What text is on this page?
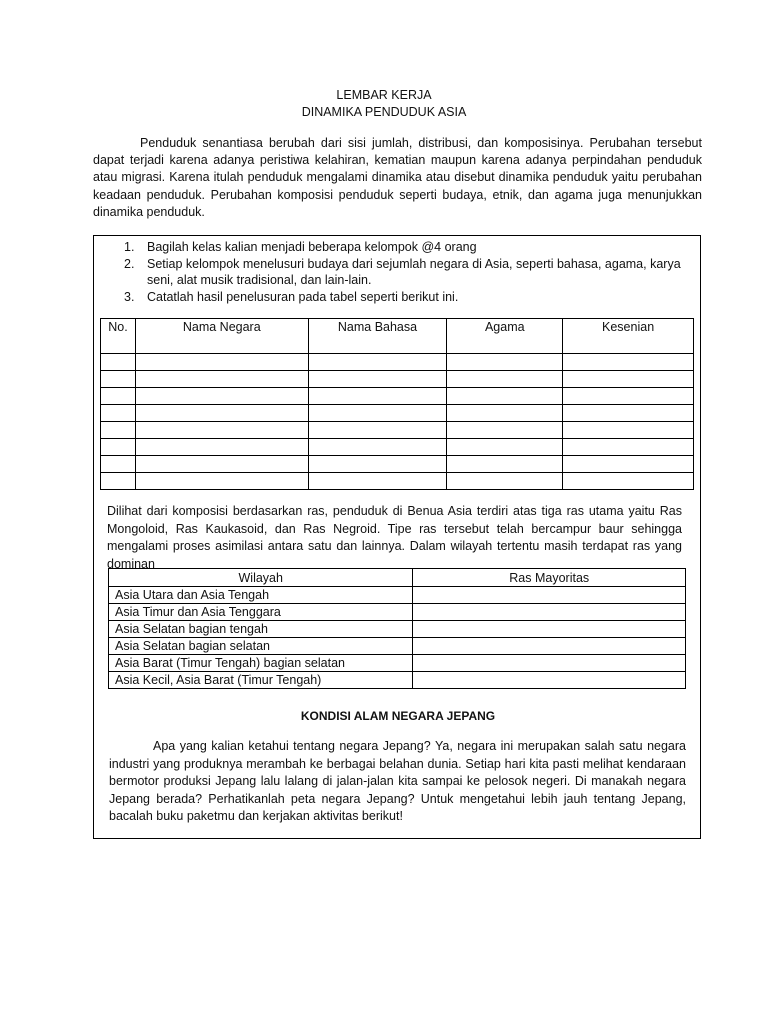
LEMBAR KERJA
DINAMIKA PENDUDUK ASIA

Penduduk senantiasa berubah dari sisi jumlah, distribusi, dan komposisinya. Perubahan tersebut dapat terjadi karena adanya peristiwa kelahiran, kematian maupun karena adanya perpindahan penduduk atau migrasi. Karena itulah penduduk mengalami dinamika atau disebut dinamika penduduk yaitu perubahan keadaan penduduk. Perubahan komposisi penduduk seperti budaya, etnik, dan agama juga menunjukkan dinamika penduduk.

1. Bagilah kelas kalian menjadi beberapa kelompok @4 orang
2. Setiap kelompok menelusuri budaya dari sejumlah negara di Asia, seperti bahasa, agama, karya seni, alat musik tradisional, dan lain-lain.
3. Catatlah hasil penelusuran pada tabel seperti berikut ini.
No.	Nama Negara	Nama Bahasa	Agama	Kesenian

Dilihat dari komposisi berdasarkan ras, penduduk di Benua Asia terdiri atas tiga ras utama yaitu Ras Mongoloid, Ras Kaukasoid, dan Ras Negroid. Tipe ras tersebut telah bercampur baur sehingga mengalami proses asimilasi antara satu dan lainnya. Dalam wilayah tertentu masih terdapat ras yang dominan

Wilayah	Ras Mayoritas
Asia Utara dan Asia Tengah	
Asia Timur dan Asia Tenggara	
Asia Selatan bagian tengah	
Asia Selatan bagian selatan	
Asia Barat (Timur Tengah) bagian selatan	
Asia Kecil, Asia Barat (Timur Tengah)	
KONDISI ALAM NEGARA JEPANG

Apa yang kalian ketahui tentang negara Jepang? Ya, negara ini merupakan salah satu negara industri yang produknya merambah ke berbagai belahan dunia. Setiap hari kita pasti melihat kendaraan bermotor produksi Jepang lalu lalang di jalan-jalan kita sampai ke pelosok negeri. Di manakah negara Jepang berada? Perhatikanlah peta negara Jepang? Untuk mengetahui lebih jauh tentang Jepang, bacalah buku paketmu dan kerjakan aktivitas berikut!
